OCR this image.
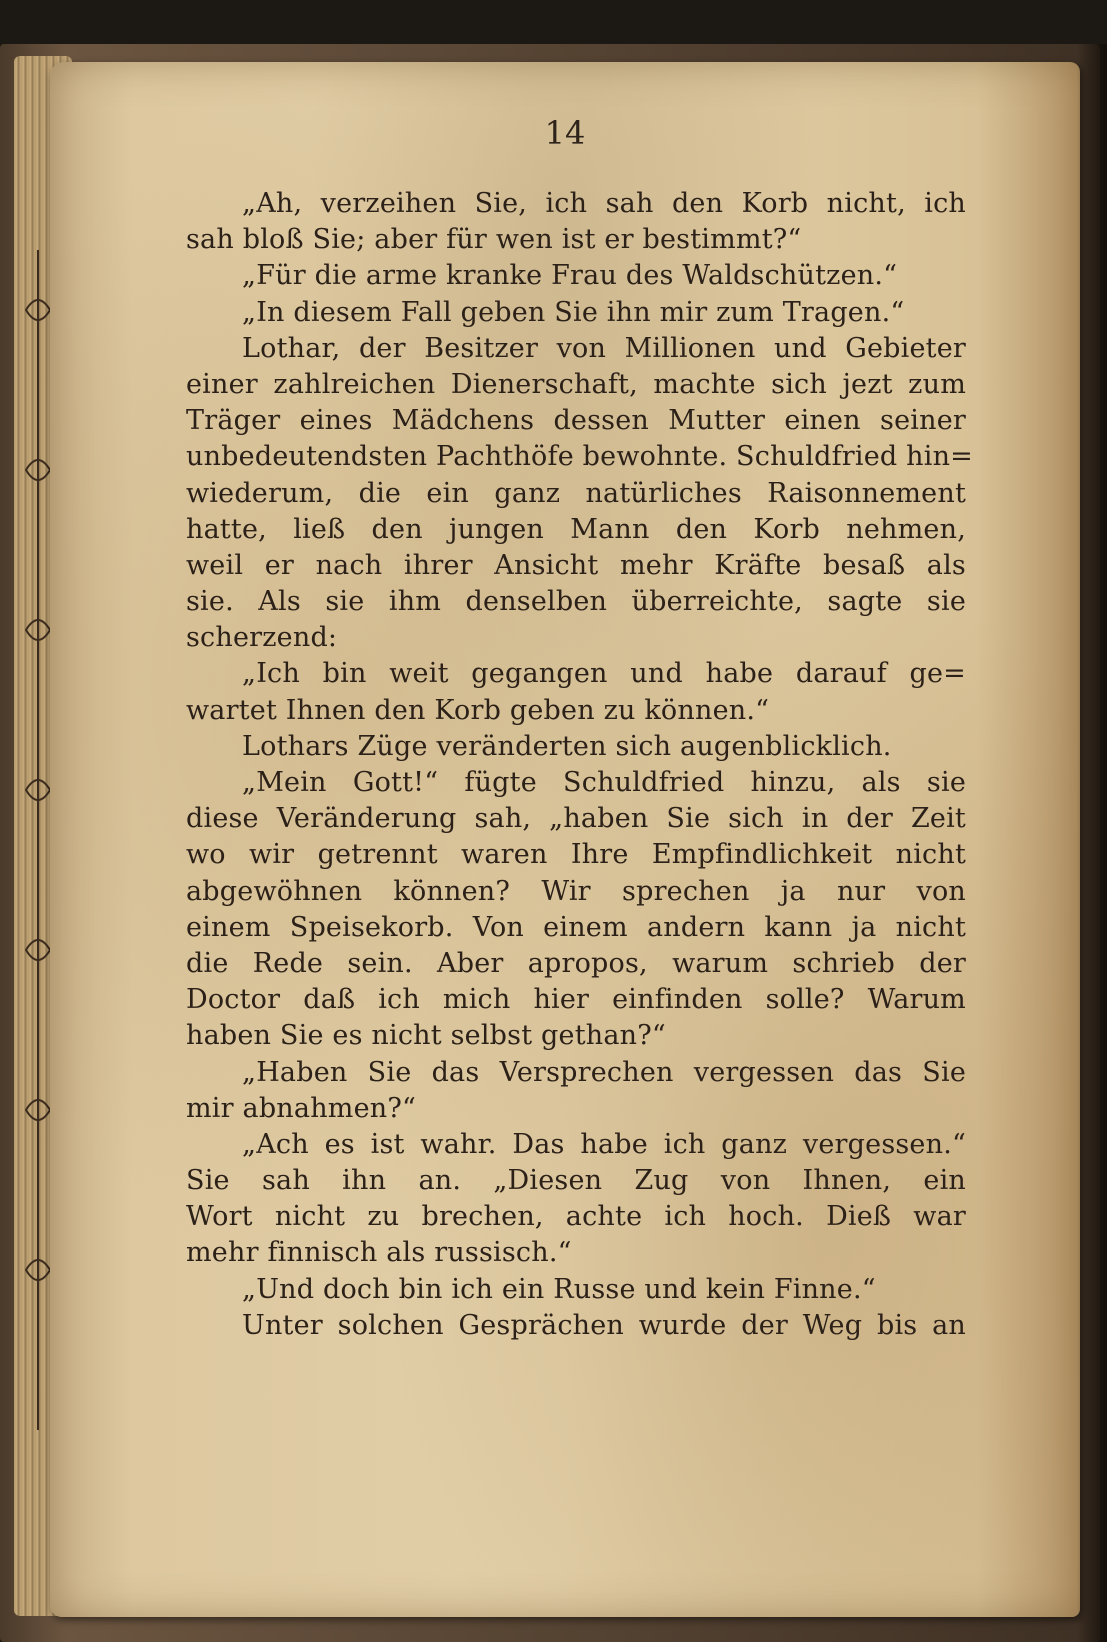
14
„Ah, verzeihen Sie, ich sah den Korb nicht, ich
sah bloß Sie; aber für wen ist er bestimmt?“
„Für die arme kranke Frau des Waldschützen.“
„In diesem Fall geben Sie ihn mir zum Tragen.“
Lothar, der Besitzer von Millionen und Gebieter
einer zahlreichen Dienerschaft, machte sich jezt zum
Träger eines Mädchens dessen Mutter einen seiner
unbedeutendsten Pachthöfe bewohnte. Schuldfried hin=
wiederum, die ein ganz natürliches Raisonnement
hatte, ließ den jungen Mann den Korb nehmen,
weil er nach ihrer Ansicht mehr Kräfte besaß als
sie. Als sie ihm denselben überreichte, sagte sie
scherzend:
„Ich bin weit gegangen und habe darauf ge=
wartet Ihnen den Korb geben zu können.“
Lothars Züge veränderten sich augenblicklich.
„Mein Gott!“ fügte Schuldfried hinzu, als sie
diese Veränderung sah, „haben Sie sich in der Zeit
wo wir getrennt waren Ihre Empfindlichkeit nicht
abgewöhnen können? Wir sprechen ja nur von
einem Speisekorb. Von einem andern kann ja nicht
die Rede sein. Aber apropos, warum schrieb der
Doctor daß ich mich hier einfinden solle? Warum
haben Sie es nicht selbst gethan?“
„Haben Sie das Versprechen vergessen das Sie
mir abnahmen?“
„Ach es ist wahr. Das habe ich ganz vergessen.“
Sie sah ihn an. „Diesen Zug von Ihnen, ein
Wort nicht zu brechen, achte ich hoch. Dieß war
mehr finnisch als russisch.“
„Und doch bin ich ein Russe und kein Finne.“
Unter solchen Gesprächen wurde der Weg bis an
